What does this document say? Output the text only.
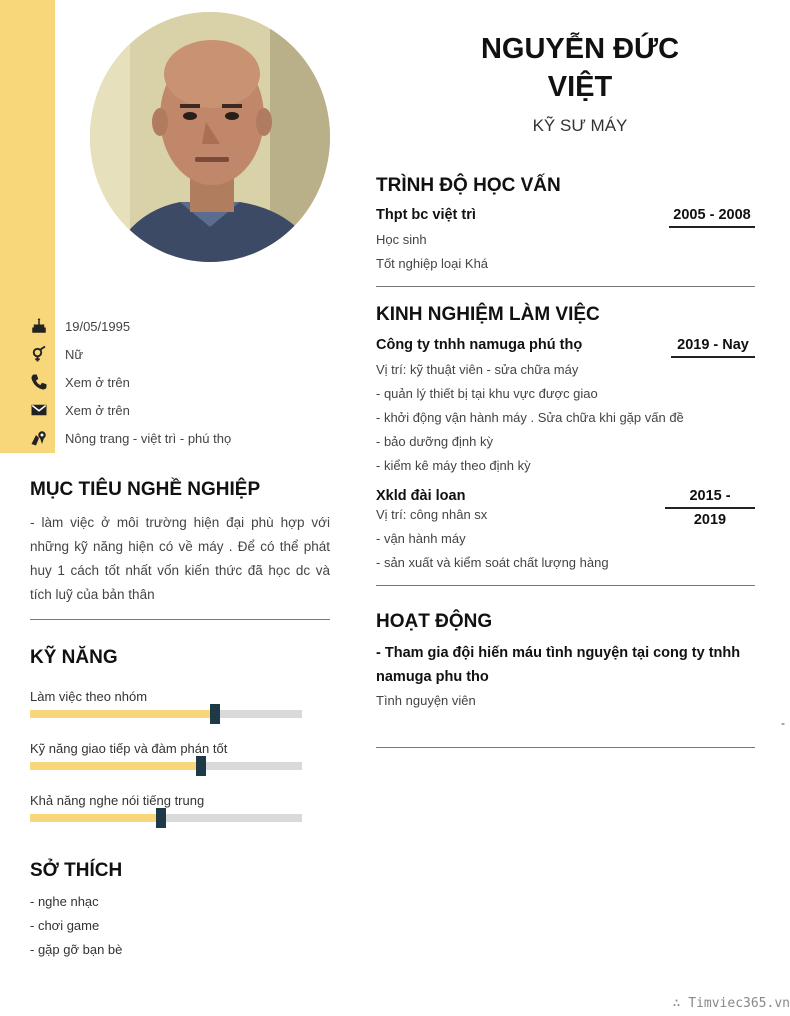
19/05/1995
Nữ
Xem ở trên
Xem ở trên
Nông trang - việt trì - phú thọ
MỤC TIÊU NGHỀ NGHIỆP
- làm việc ở môi trường hiện đại phù hợp với những kỹ năng hiện có về máy . Để có thể phát huy 1 cách tốt nhất vốn kiến thức đã học dc và tích luỹ của bản thân
KỸ NĂNG
Làm việc theo nhóm
Kỹ năng giao tiếp và đàm phán tốt
Khả năng nghe nói tiếng trung
SỞ THÍCH
- nghe nhạc
- chơi game
- gặp gỡ bạn bè
NGUYỄN ĐỨC
VIỆT
KỸ SƯ MÁY
TRÌNH ĐỘ HỌC VẤN
Thpt bc việt trì	2005 - 2008
Học sinh
Tốt nghiệp loại Khá
KINH NGHIỆM LÀM VIỆC
Công ty tnhh namuga phú thọ	2019 - Nay
Vị trí: kỹ thuật viên - sửa chữa máy
- quản lý thiết bị tại khu vực được giao
- khởi động vận hành máy . Sửa chữa khi gặp vấn đề
- bảo dưỡng định kỳ
- kiểm kê máy theo định kỳ
Xkld đài loan	2015 -
2019
Vị trí: công nhân sx
- vận hành máy
- sản xuất và kiểm soát chất lượng hàng
HOẠT ĐỘNG
- Tham gia đội hiến máu tình nguyện tại cong ty tnhh namuga phu tho
Tình nguyện viên
-
∴ Timviec365.vn
